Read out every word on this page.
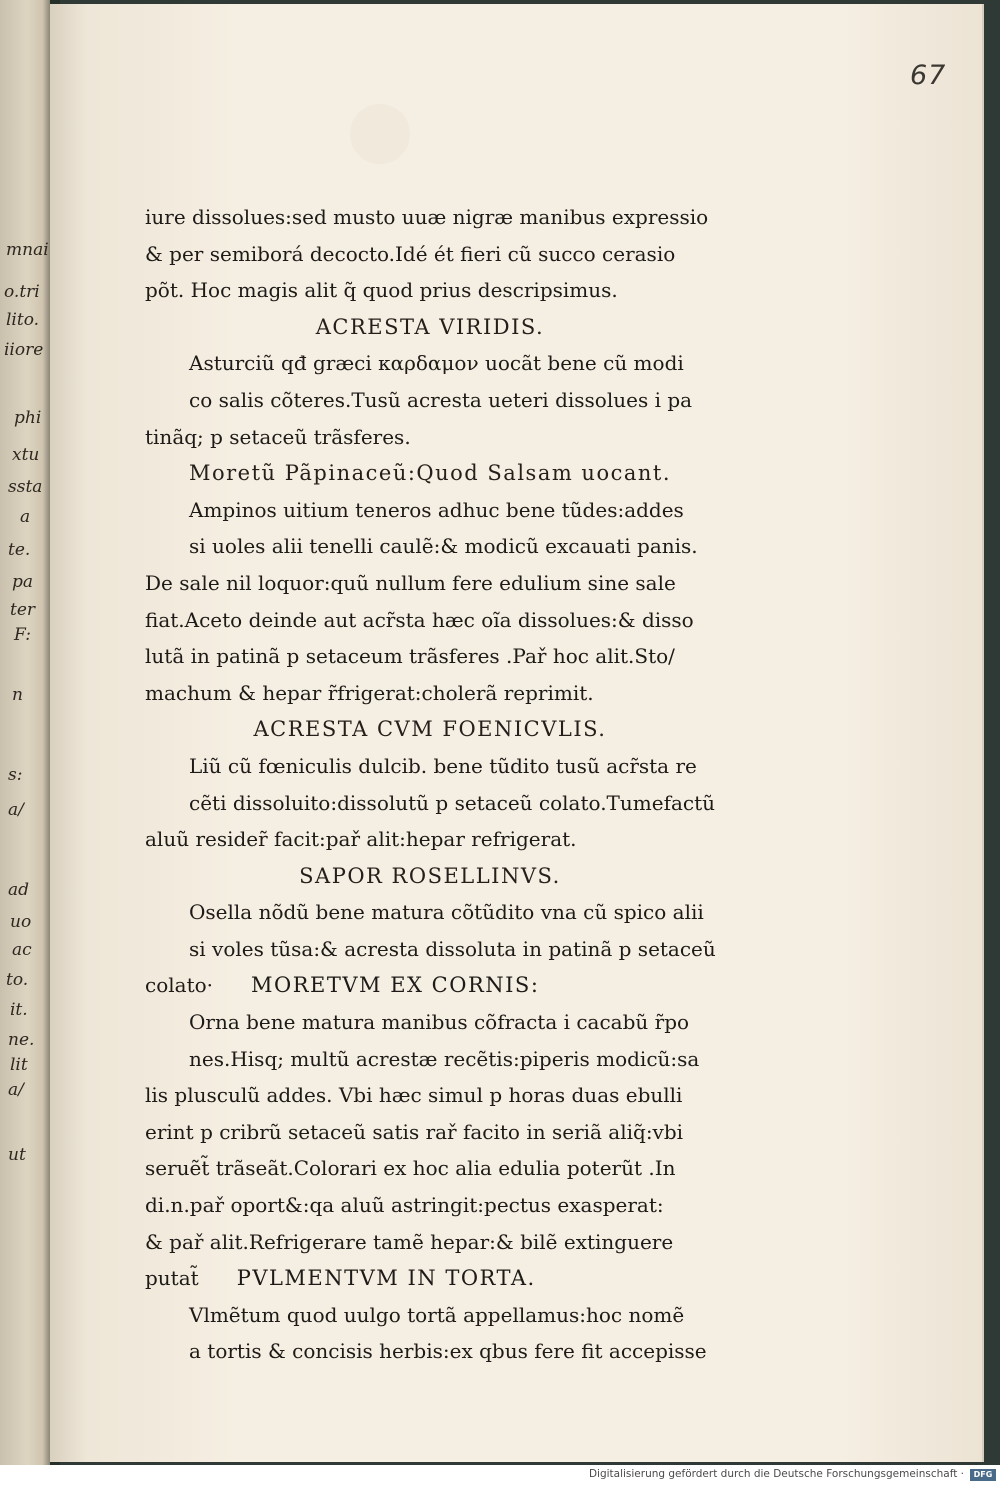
mnai
o.tri
lito.
iiore
phi
xtu
ssta
a
te.
pa
ter
F:
n
s:
a/
ad
uo
ac
to.
it.
ne.
lit
a/
ut
67
iure dissolues:sed musto uuæ nigræ manibus expressio
& per semiborá decocto.Idé ét fieri cũ succo cerasio
põt. Hoc magis alit q̃ quod prius descripsimus.
ACRESTA VIRIDIS.
Asturciũ qđ græci καρδαμον uocãt bene cũ modi
co salis cõteres.Tusũ acresta ueteri dissolues i pa
tinãq; p setaceũ trãsferes.
Moretũ Pãpinaceũ:Quod Salsam uocant.
Ampinos uitium teneros adhuc bene tũdes:addes
si uoles alii tenelli caulẽ:& modicũ excauati panis.
De sale nil loquor:quũ nullum fere edulium sine sale
fiat.Aceto deinde aut acr̃sta hæc oĩa dissolues:& disso
lutã in patinã p setaceum trãsferes .Pař hoc alit.Sto/
machum & hepar r̃frigerat:cholerã reprimit.
ACRESTA CVM FOENICVLIS.
Liũ cũ fœniculis dulcib. bene tũdito tusũ acr̃sta re
cẽti dissoluito:dissolutũ p setaceũ colato.Tumefactũ
aluũ resider̃ facit:pař alit:hepar refrigerat.
SAPOR ROSELLINVS.
Osella nõdũ bene matura cõtũdito vna cũ spico alii
si voles tũsa:& acresta dissoluta in patinã p setaceũ
colato· MORETVM EX CORNIS:
Orna bene matura manibus cõfracta i cacabũ r̃po
nes.Hisq; multũ acrestæ recẽtis:piperis modicũ:sa
lis plusculũ addes. Vbi hæc simul p horas duas ebulli
erint p cribrũ setaceũ satis rař facito in seriã aliq̃:vbi
seruẽt̃ trãseãt.Colorari ex hoc alia edulia poterũt .In
di.n.pař oport&:qa aluũ astringit:pectus exasperat:
& pař alit.Refrigerare tamẽ hepar:& bilẽ extinguere
putat̃ PVLMENTVM IN TORTA.
Vlmẽtum quod uulgo tortã appellamus:hoc nomẽ
a tortis & concisis herbis:ex qbus fere fit accepisse
Digitalisierung gefördert durch die Deutsche Forschungsgemeinschaft ·	DFG
